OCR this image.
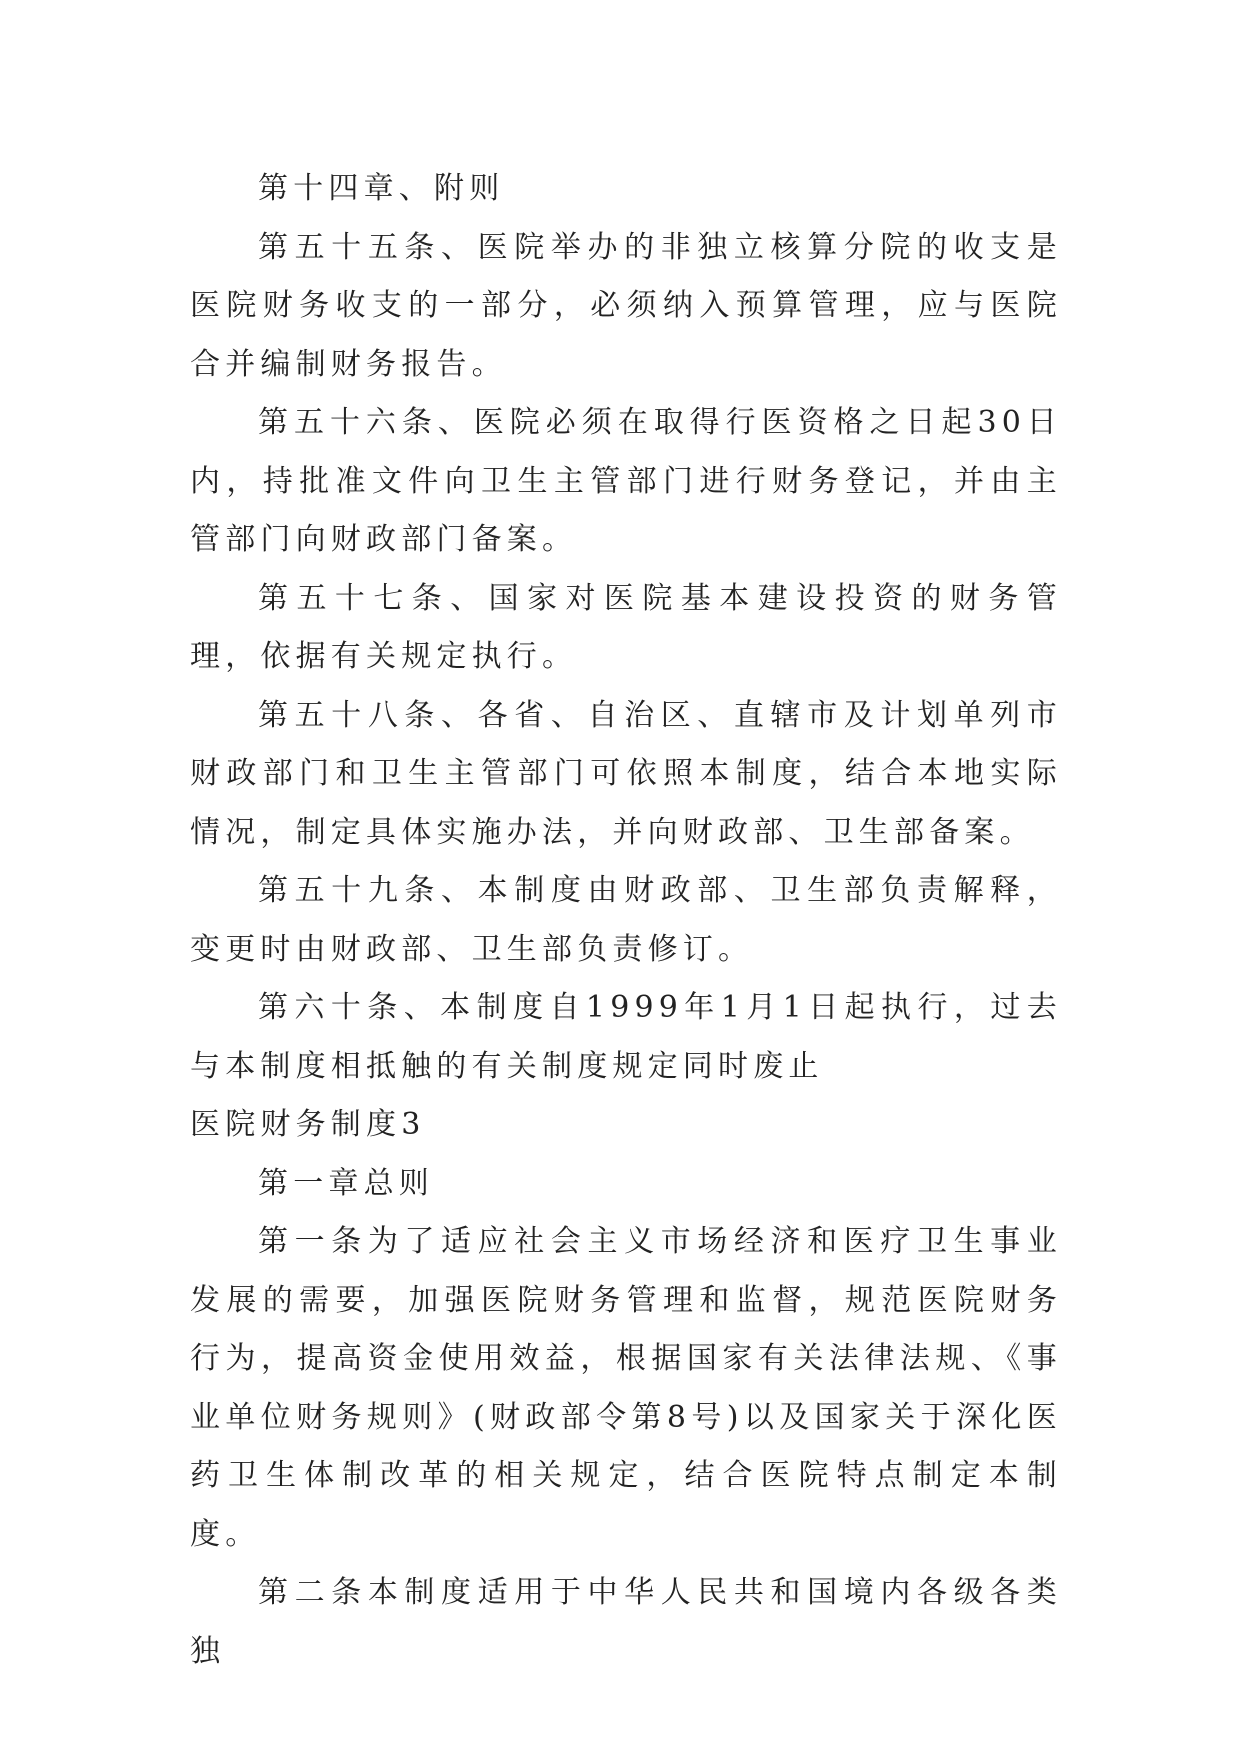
第十四章、附则

第五十五条、医院举办的非独立核算分院的收支是医院财务收支的一部分，必须纳入预算管理，应与医院合并编制财务报告。

第五十六条、医院必须在取得行医资格之日起30日内，持批准文件向卫生主管部门进行财务登记，并由主管部门向财政部门备案。

第五十七条、国家对医院基本建设投资的财务管理，依据有关规定执行。

第五十八条、各省、自治区、直辖市及计划单列市财政部门和卫生主管部门可依照本制度，结合本地实际情况，制定具体实施办法，并向财政部、卫生部备案。

第五十九条、本制度由财政部、卫生部负责解释，变更时由财政部、卫生部负责修订。

第六十条、本制度自1999年1月1日起执行，过去与本制度相抵触的有关制度规定同时废止

医院财务制度3

第一章总则

第一条为了适应社会主义市场经济和医疗卫生事业发展的需要，加强医院财务管理和监督，规范医院财务行为，提高资金使用效益，根据国家有关法律法规、《事业单位财务规则》(财政部令第8号)以及国家关于深化医药卫生体制改革的相关规定，结合医院特点制定本制度。

第二条本制度适用于中华人民共和国境内各级各类独
